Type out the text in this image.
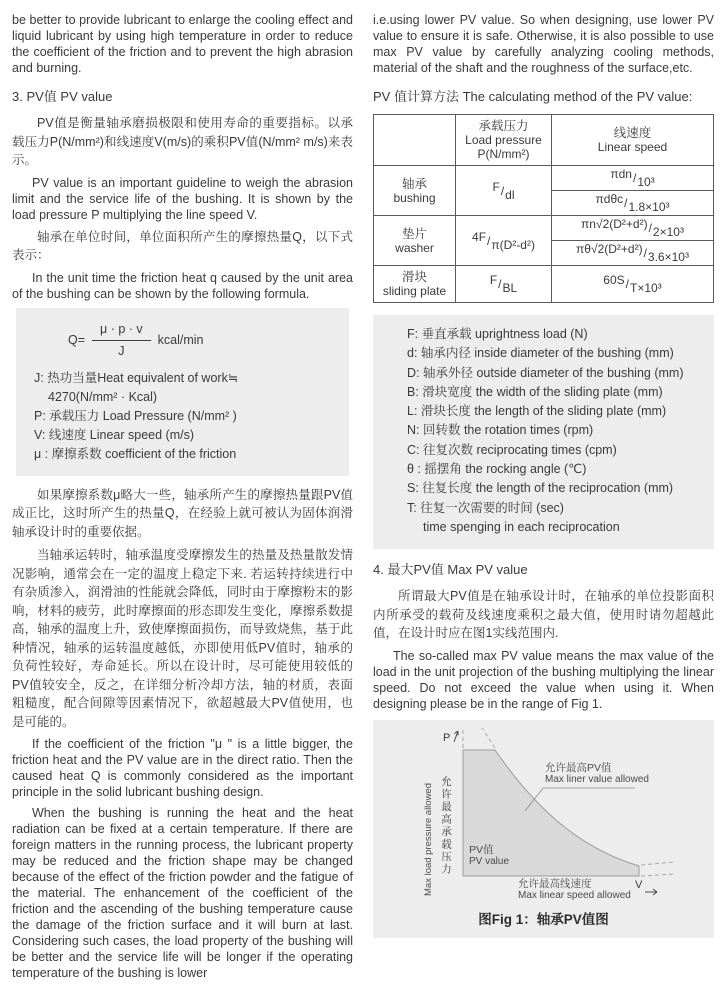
be better to provide lubricant to enlarge the cooling effect and liquid lubricant by using high temperature in order to reduce the coefficient of the friction and to prevent the high abrasion and burning.

3. PV值 PV value

PV值是衡量轴承磨损极限和使用寿命的重要指标。以承载压力P(N/mm²)和线速度V(m/s)的乘积PV值(N/mm² m/s)来表示。

PV value is an important guideline to weigh the abrasion limit and the service life of the bushing. It is shown by the load pressure P multiplying the line speed V.

轴承在单位时间，单位面积所产生的摩擦热量Q，以下式表示：

In the unit time the friction heat q caused by the unit area of the bushing can be shown by the following formula.

$Q= \frac{\mu \cdot p \cdot v}{J}$ kcal/min
J: 热功当量Heat equivalent of work≒
4270(N/mm² · Kcal)
P: 承载压力 Load Pressure (N/mm² )
V: 线速度 Linear speed (m/s)
μ : 摩擦系数 coefficient of the friction

如果摩擦系数μ略大一些，轴承所产生的摩擦热量跟PV值成正比，这时所产生的热量Q，在经验上就可被认为固体润滑轴承设计时的重要依据。

当轴承运转时，轴承温度受摩擦发生的热量及热量散发情况影响，通常会在一定的温度上稳定下来. 若运转持续进行中有杂质渗入，润滑油的性能就会降低，同时由于摩擦粉末的影响，材料的疲劳，此时摩擦面的形态即发生变化，摩擦系数提高，轴承的温度上升，致使摩擦面损伤，而导致烧焦，基于此种情况，轴承的运转温度越低，亦即使用低PV值时，轴承的负荷性较好，寿命延长。所以在设计时，尽可能使用较低的PV值较安全，反之，在详细分析冷却方法，轴的材质，表面粗糙度，配合间隙等因素情况下，欲超越最大PV值使用，也是可能的。

If the coefficient of the friction "μ " is a little bigger, the friction heat and the PV value are in the direct ratio. Then the caused heat Q is commonly considered as the important principle in the solid lubricant bushing design.

When the bushing is running the heat and the heat radiation can be fixed at a certain temperature. If there are foreign matters in the running process, the lubricant property may be reduced and the friction shape may be changed because of the effect of the friction powder and the fatigue of the material. The enhancement of the coefficient of the friction and the ascending of the bushing temperature cause the damage of the friction surface and it will burn at last. Considering such cases, the load property of the bushing will be better and the service life will be longer if the operating temperature of the bushing is lower

i.e.using lower PV value. So when designing, use lower PV value to ensure it is safe. Otherwise, it is also possible to use max PV value by carefully analyzing cooling methods, material of the shaft and the roughness of the surface,etc.

PV 值计算方法 The calculating method of the PV value:
承载压力
Load pressure
P(N/mm²)
线速度
Linear speed
轴承
bushing
F/dl
πdn/10³
πdθc/1.8×10³
垫片
washer
4F/π(D²-d²)
πn√2(D²+d²)/2×10³
πθ√2(D²+d²)/3.6×10³
滑块
sliding plate
F/BL
60S/T×10³
F: 垂直承载 uprightness load (N)
d: 轴承内径 inside diameter of the bushing (mm)
D: 轴承外径 outside diameter of the bushing (mm)
B: 滑块宽度 the width of the sliding plate (mm)
L: 滑块长度 the length of the sliding plate (mm)
N: 回转数 the rotation times (rpm)
C: 往复次数 reciprocating times (cpm)
θ : 摇摆角 the rocking angle (℃)
S: 往复长度 the length of the reciprocation (mm)
T: 往复一次需要的时间 (sec)
time spenging in each reciprocation
4. 最大PV值 Max PV value

所谓最大PV值是在轴承设计时，在轴承的单位投影面积内所承受的载荷及线速度乘积之最大值，使用时请勿超越此值，在设计时应在图1实线范围内.

The so-called max PV value means the max value of the load in the unit projection of the bushing multiplying the linear speed. Do not exceed the value when using it. When designing please be in the range of Fig 1.

P
V
Max load pressure allowed 允许最高承载压力
允许最高PV值
Max liner value allowed
PV值
PV value
允许最高线速度
Max linear speed allowed
图Fig 1：轴承PV值图
